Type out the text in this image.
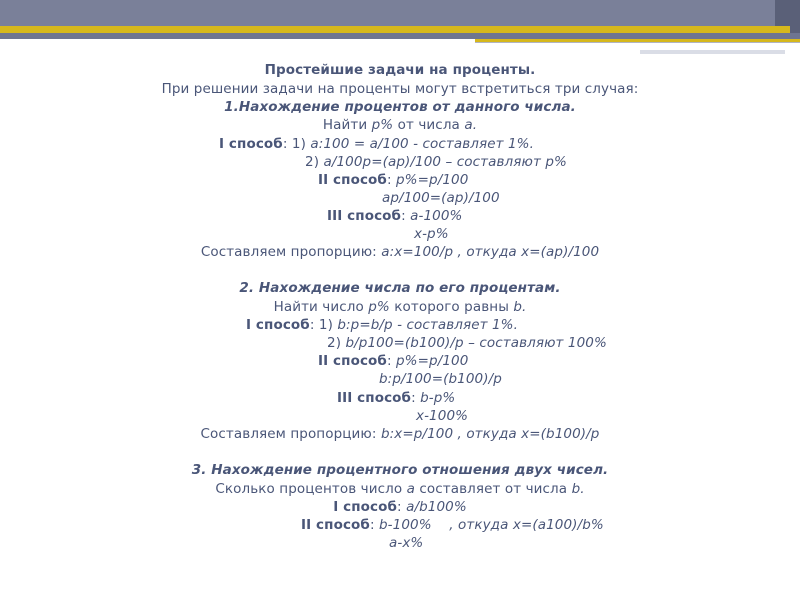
Простейшие задачи на проценты.
При решении задачи на проценты могут встретиться три случая:
1.Нахождение процентов от данного числа.
Найти р% от числа а.
I способ: 1) а:100 = а/100 - составляет 1%.
2) а/100р=(ар)/100 – составляют р%
II способ: р%=р/100
ар/100=(ар)/100
III способ: а-100%
х-р%
Составляем пропорцию: а:х=100/р , откуда х=(ар)/100
2. Нахождение числа по его процентам.
Найти число р% которого равны b.
I способ: 1) b:р=b/р - составляет 1%.
2) b/р100=(b100)/р – составляют 100%
II способ: р%=р/100
b:р/100=(b100)/р
III способ: b-р%
х-100%
Составляем пропорцию: b:х=р/100 , откуда х=(b100)/р
3. Нахождение процентного отношения двух чисел.
Сколько процентов число а составляет от числа b.
I способ: а/b100%
II способ: b-100%    , откуда х=(а100)/b%
а-х%
